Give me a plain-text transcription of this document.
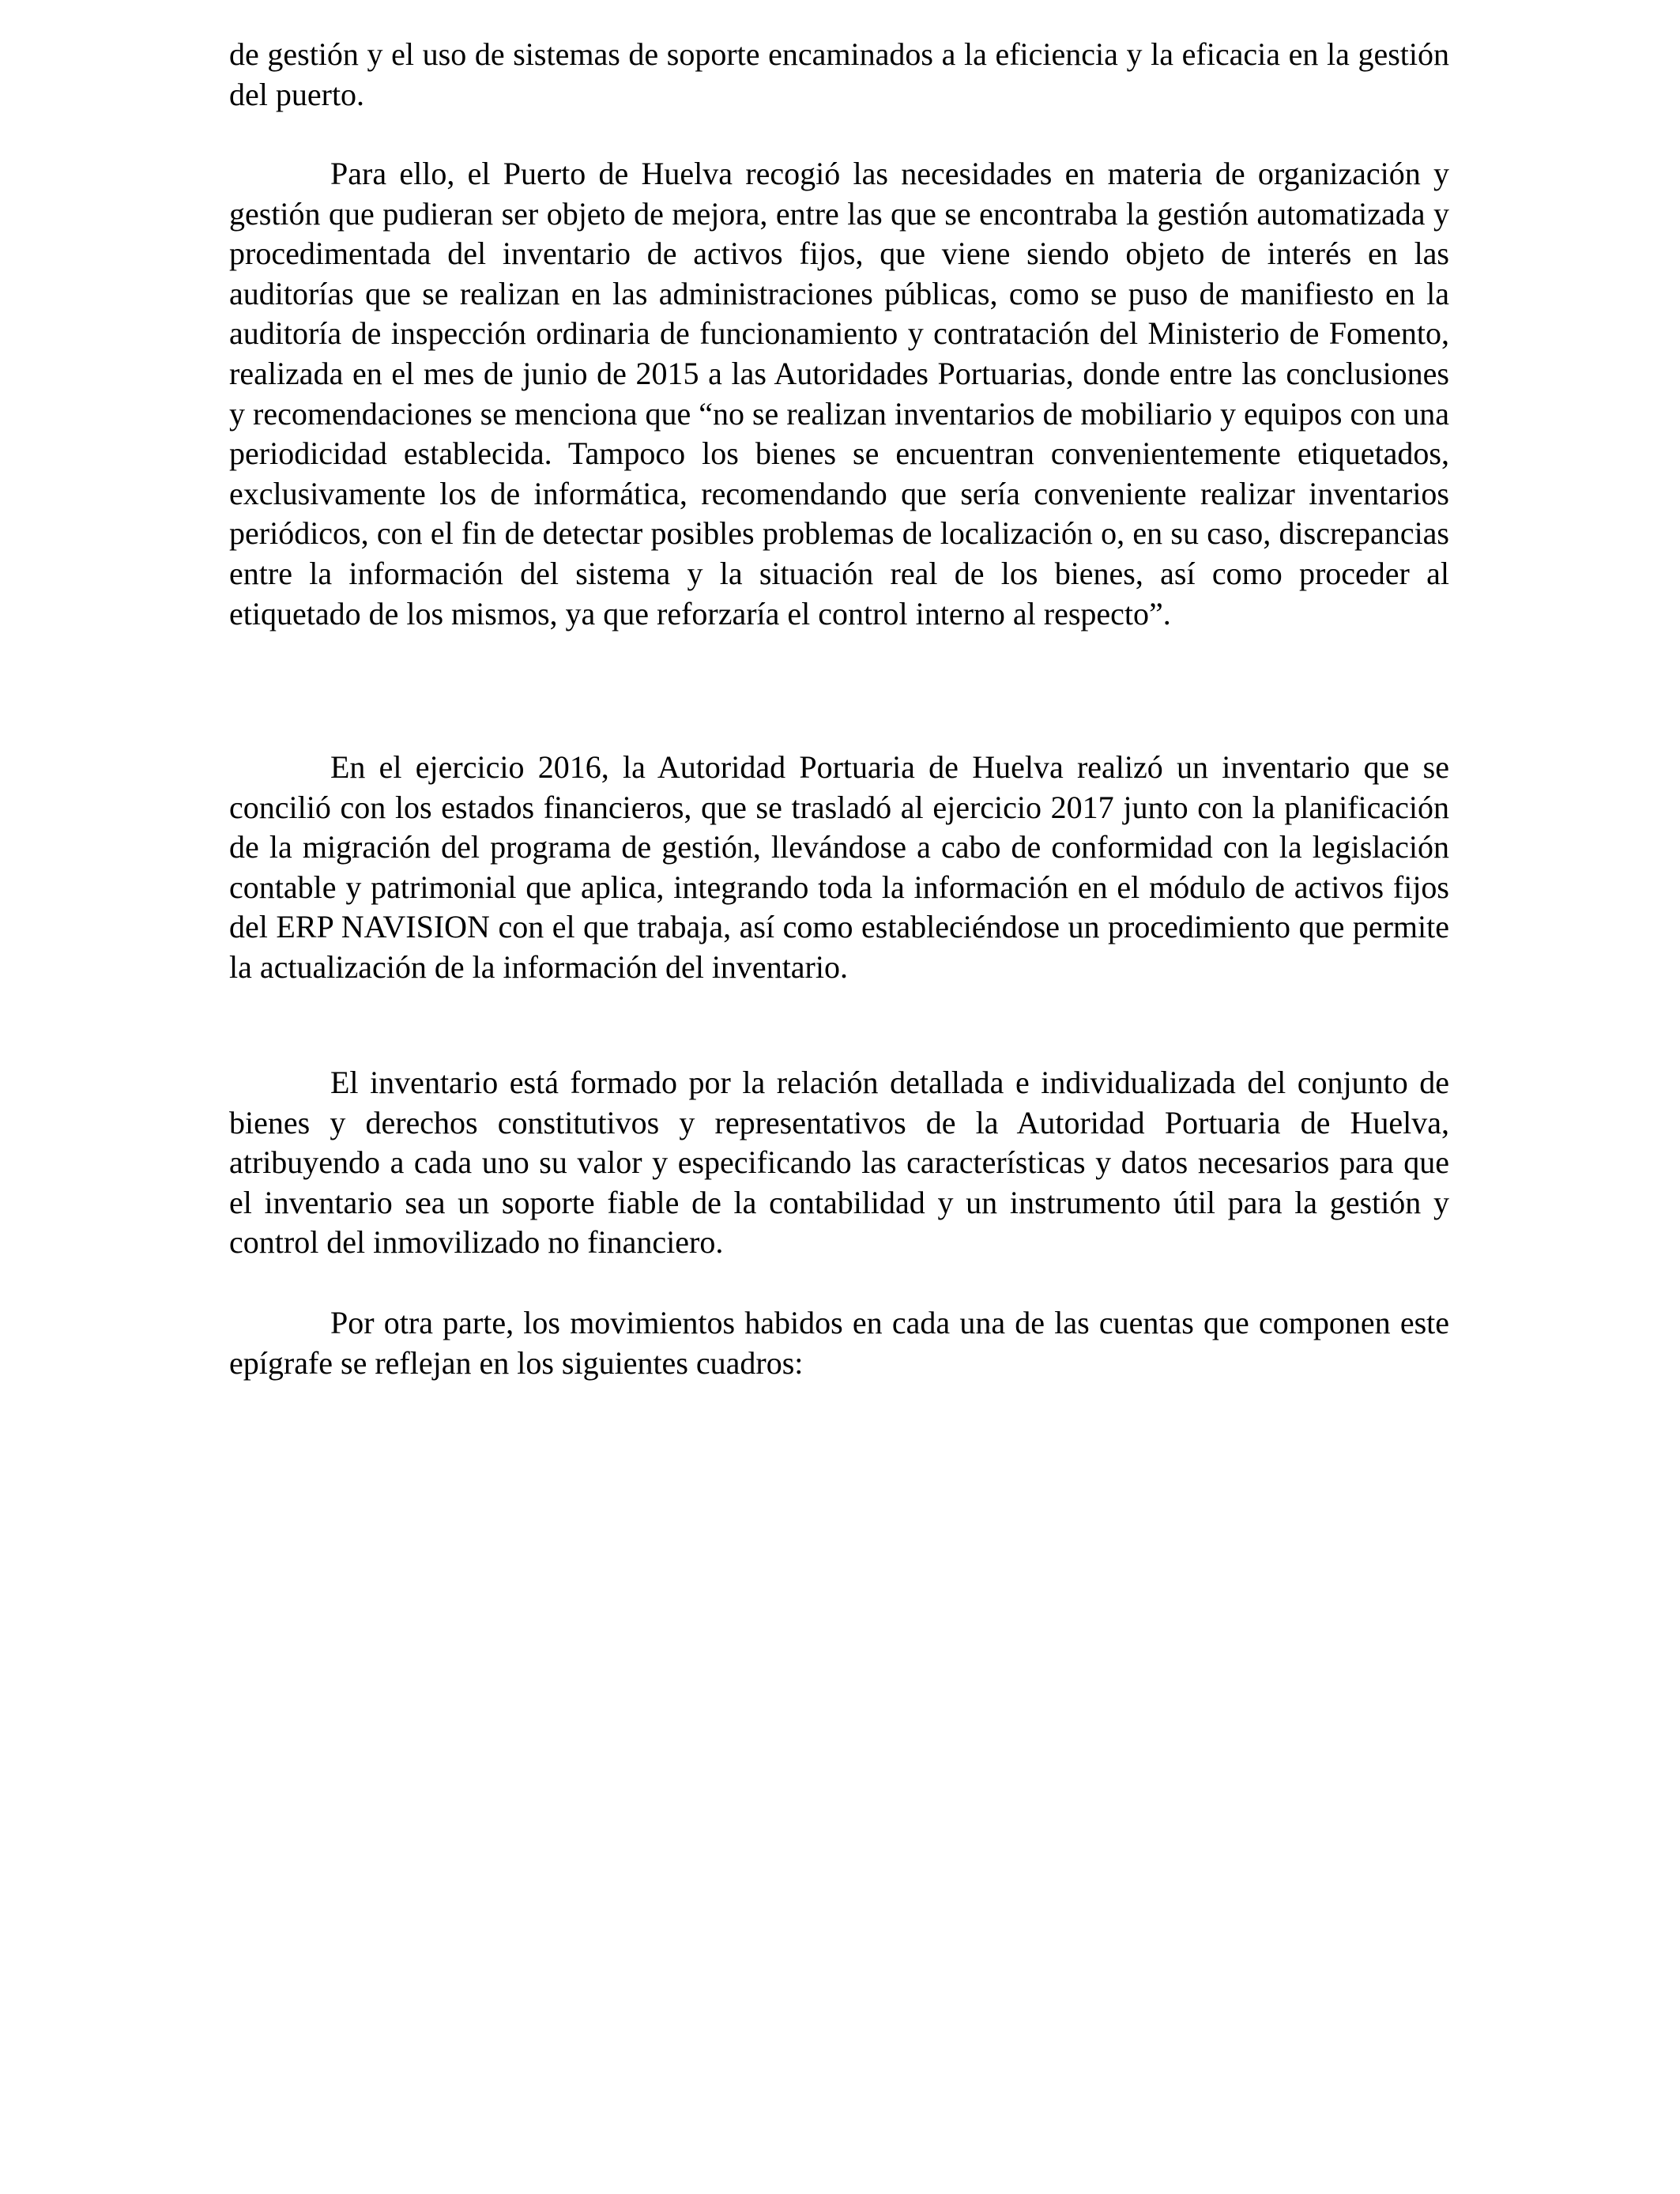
de gestión y el uso de sistemas de soporte encaminados a la eficiencia y la eficacia en la gestión del puerto.

Para ello, el Puerto de Huelva recogió las necesidades en materia de organización y gestión que pudieran ser objeto de mejora, entre las que se encontraba la gestión automatizada y procedimentada del inventario de activos fijos, que viene siendo objeto de interés en las auditorías que se realizan en las administraciones públicas, como se puso de manifiesto en la auditoría de inspección ordinaria de funcionamiento y contratación del Ministerio de Fomento, realizada en el mes de junio de 2015 a las Autoridades Portuarias, donde entre las conclusiones y recomendaciones se menciona que “no se realizan inventarios de mobiliario y equipos con una periodicidad establecida. Tampoco los bienes se encuentran convenientemente etiquetados, exclusivamente los de informática, recomendando que sería conveniente realizar inventarios periódicos, con el fin de detectar posibles problemas de localización o, en su caso, discrepancias entre la información del sistema y la situación real de los bienes, así como proceder al etiquetado de los mismos, ya que reforzaría el control interno al respecto”.

En el ejercicio 2016, la Autoridad Portuaria de Huelva realizó un inventario que se concilió con los estados financieros, que se trasladó al ejercicio 2017 junto con la planificación de la migración del programa de gestión, llevándose a cabo de conformidad con la legislación contable y patrimonial que aplica, integrando toda la información en el módulo de activos fijos del ERP NAVISION con el que trabaja, así como estableciéndose un procedimiento que permite la actualización de la información del inventario.

El inventario está formado por la relación detallada e individualizada del conjunto de bienes y derechos constitutivos y representativos de la Autoridad Portuaria de Huelva, atribuyendo a cada uno su valor y especificando las características y datos necesarios para que el inventario sea un soporte fiable de la contabilidad y un instrumento útil para la gestión y control del inmovilizado no financiero.

Por otra parte, los movimientos habidos en cada una de las cuentas que componen este epígrafe se reflejan en los siguientes cuadros:
